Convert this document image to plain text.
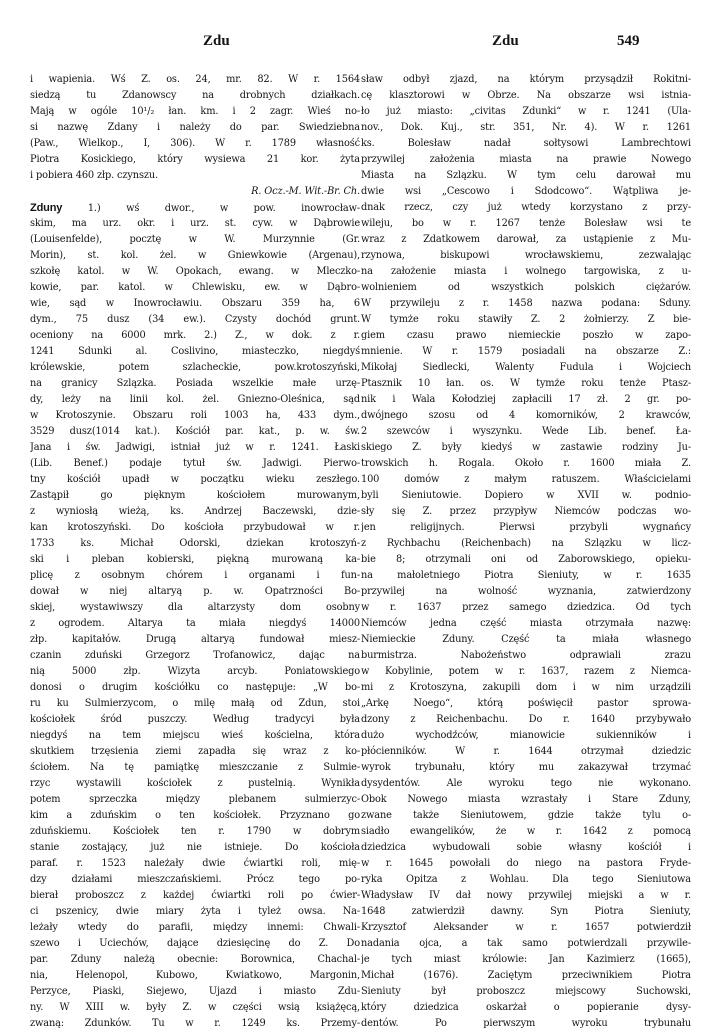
Zdu	Zdu	549
i wapienia. Wś Z. os. 24, mr. 82. W r. 1564
siedzą tu Zdanowscy na drobnych działkach.
Mają w ogóle 10¹/₂ łan. km. i 2 zagr. Wieś no-
si nazwę Zdany i należy do par. Swiedziebna
(Paw., Wielkop., I, 306). W r. 1789 własność
Piotra Kosickiego, który wysiewa 21 kor. żyta
i pobiera 460 złp. czynszu.
R. Ocz.-M. Wit.-Br. Ch.
Zduny 1.) wś dwor., w pow. inowrocław-
skim, ma urz. okr. i urz. st. cyw. w Dąbrowie
(Louisenfelde), pocztę w W. Murzynnie (Gr.
Morin), st. kol. żel. w Gniewkowie (Argenau),
szkołę katol. w W. Opokach, ewang. w Mleczko-
kowie, par. katol. w Chlewisku, ew. w Dąbro-
wie, sąd w Inowrocławiu. Obszaru 359 ha, 6
dym., 75 dusz (34 ew.). Czysty dochód grunt.
oceniony na 6000 mrk. 2.) Z., w dok. z r.
1241 Sdunki al. Coslivino, miasteczko, niegdyś
królewskie, potem szlacheckie, pow.krotoszyński,
na granicy Szlązka. Posiada wszelkie małe urzę-
dy, leży na linii kol. żel. Gniezno-Oleśnica, sąd
w Krotoszynie. Obszaru roli 1003 ha, 433 dym.,
3529 dusz(1014 kat.). Kościół par. kat., p. w. św.
Jana i św. Jadwigi, istniał już w r. 1241. Łaski
(Lib. Benef.) podaje tytuł św. Jadwigi. Pierwo-
tny kościół upadł w początku wieku zeszłego.
Zastąpił go pięknym kościołem murowanym,
z wyniosłą wieżą, ks. Andrzej Baczewski, dzie-
kan krotoszyński. Do kościoła przybudował w r.
1733 ks. Michał Odorski, dziekan krotoszyń-
ski i pleban kobierski, piękną murowaną ka-
plicę z osobnym chórem i organami i fun-
dował w niej altaryą p. w. Opatrzności Bo-
skiej, wystawiwszy dla altarzysty dom osobny
z ogrodem. Altarya ta miała niegdyś 14000
złp. kapitałów. Drugą altaryą fundował miesz-
czanin zduński Grzegorz Trofanowicz, dając na
nią 5000 złp. Wizyta arcyb. Poniatowskiego
donosi o drugim kościółku co następuje: „W bo-
ru ku Sulmierzycom, o milę małą od Zdun, stoi
kościołek śród puszczy. Według tradycyi była
niegdyś na tem miejscu wieś kościelna, która
skutkiem trzęsienia ziemi zapadła się wraz z ko-
ściołem. Na tę pamiątkę mieszczanie z Sulmie-
rzyc wystawili kościołek z pustelnią. Wynikła
potem sprzeczka między plebanem sulmierzyc-
kim a zduńskim o ten kościołek. Przyznano go
zduńskiemu. Kościołek ten r. 1790 w dobrym
stanie zostający, już nie istnieje. Do kościoła
paraf. r. 1523 należały dwie ćwiartki roli, mię-
dzy działami mieszczańskiemi. Prócz tego po-
bierał proboszcz z każdej ćwiartki roli po ćwier-
ci pszenicy, dwie miary żyta i tyleż owsa. Na-
leżały wtedy do parafii, między innemi: Chwali-
szewo i Uciechów, dające dziesięcinę do Z. Do
par. Zduny należą obecnie: Borownica, Chachal-
nia, Helenopol, Kubowo, Kwiatkowo, Margonin,
Perzyce, Piaski, Siejewo, Ujazd i miasto Zdu-
ny. W XIII w. były Z. w części wsią książęcą,
zwaną: Zdunków. Tu w r. 1249 ks. Przemy-
sław odbył zjazd, na którym przysądził Rokitni-
cę klasztorowi w Obrze. Na obszarze wsi istnia-
ło już miasto: „civitas Zdunki“ w r. 1241 (Ula-
nov., Dok. Kuj., str. 351, Nr. 4). W r. 1261
ks. Bolesław nadał sołtysowi Lambrechtowi
przywilej założenia miasta na prawie Nowego
Miasta na Szlązku. W tym celu darował mu
dwie wsi „Cescowo i Sdodcowo“. Wątpliwa je-
dnak rzecz, czy już wtedy korzystano z przy-
wileju, bo w r. 1267 tenże Bolesław wsi te
wraz z Zdatkowem darował, za ustąpienie z Mu-
rzynowa, biskupowi wrocławskiemu, zezwalając
na założenie miasta i wolnego targowiska, z u-
wolnieniem od wszystkich polskich ciężarów.
W przywileju z r. 1458 nazwa podana: Sduny.
W tymże roku stawiły Z. 2 żołnierzy. Z bie-
giem czasu prawo niemieckie poszło w zapo-
mnienie. W r. 1579 posiadali na obszarze Z.:
Mikołaj Siedlecki, Walenty Fudula i Wojciech
Ptasznik 10 łan. os. W tymże roku tenże Ptasz-
nik i Wala Kołodziej zapłacili 17 zł. 2 gr. po-
dwójnego szosu od 4 komorników, 2 krawców,
2 szewców i wyszynku. Wede Lib. benef. Ła-
skiego Z. były kiedyś w zastawie rodziny Ju-
trowskich h. Rogala. Około r. 1600 miała Z.
100 domów z małym ratuszem. Właścicielami
byli Sieniutowie. Dopiero w XVII w. podnio-
sły się Z. przez przypływ Niemców podczas wo-
jen religijnych. Pierwsi przybyli wygnańcy
z Rychbachu (Reichenbach) na Szlązku w licz-
bie 8; otrzymali oni od Zaborowskiego, opieku-
na małoletniego Piotra Sieniuty, w r. 1635
przywilej na wolność wyznania, zatwierdzony
w r. 1637 przez samego dziedzica. Od tych
Niemców jedna część miasta otrzymała nazwę:
Niemieckie Zduny. Część ta miała własnego
burmistrza. Nabożeństwo odprawiali zrazu
w Kobylinie, potem w r. 1637, razem z Niemca-
mi z Krotoszyna, zakupili dom i w nim urządzili
„Arkę Noego“, którą poświęcił pastor sprowa-
dzony z Reichenbachu. Do r. 1640 przybywało
dużo wychodźców, mianowicie sukienników i
płócienników. W r. 1644 otrzymał dziedzic
wyrok trybunału, który mu zakazywał trzymać
dysydentów. Ale wyroku tego nie wykonano.
Obok Nowego miasta wzrastały i Stare Zduny,
zwane także Sieniutowem, gdzie także tylu o-
siadło ewangelików, że w r. 1642 z pomocą
dziedzica wybudowali sobie własny kościół i
w r. 1645 powołali do niego na pastora Fryde-
ryka Opitza z Wohlau. Dla tego Sieniutowa
Władysław IV dał nowy przywilej miejski a w r.
1648 zatwierdził dawny. Syn Piotra Sieniuty,
Krzysztof Aleksander w r. 1657 potwierdził
nadania ojca, a tak samo potwierdzali przywile-
je tych miast królowie: Jan Kazimierz (1665),
Michał (1676). Zaciętym przeciwnikiem Piotra
Sieniuty był proboszcz miejscowy Suchowski,
który dziedzica oskarżał o popieranie dysy-
dentów. Po pierwszym wyroku trybunału
